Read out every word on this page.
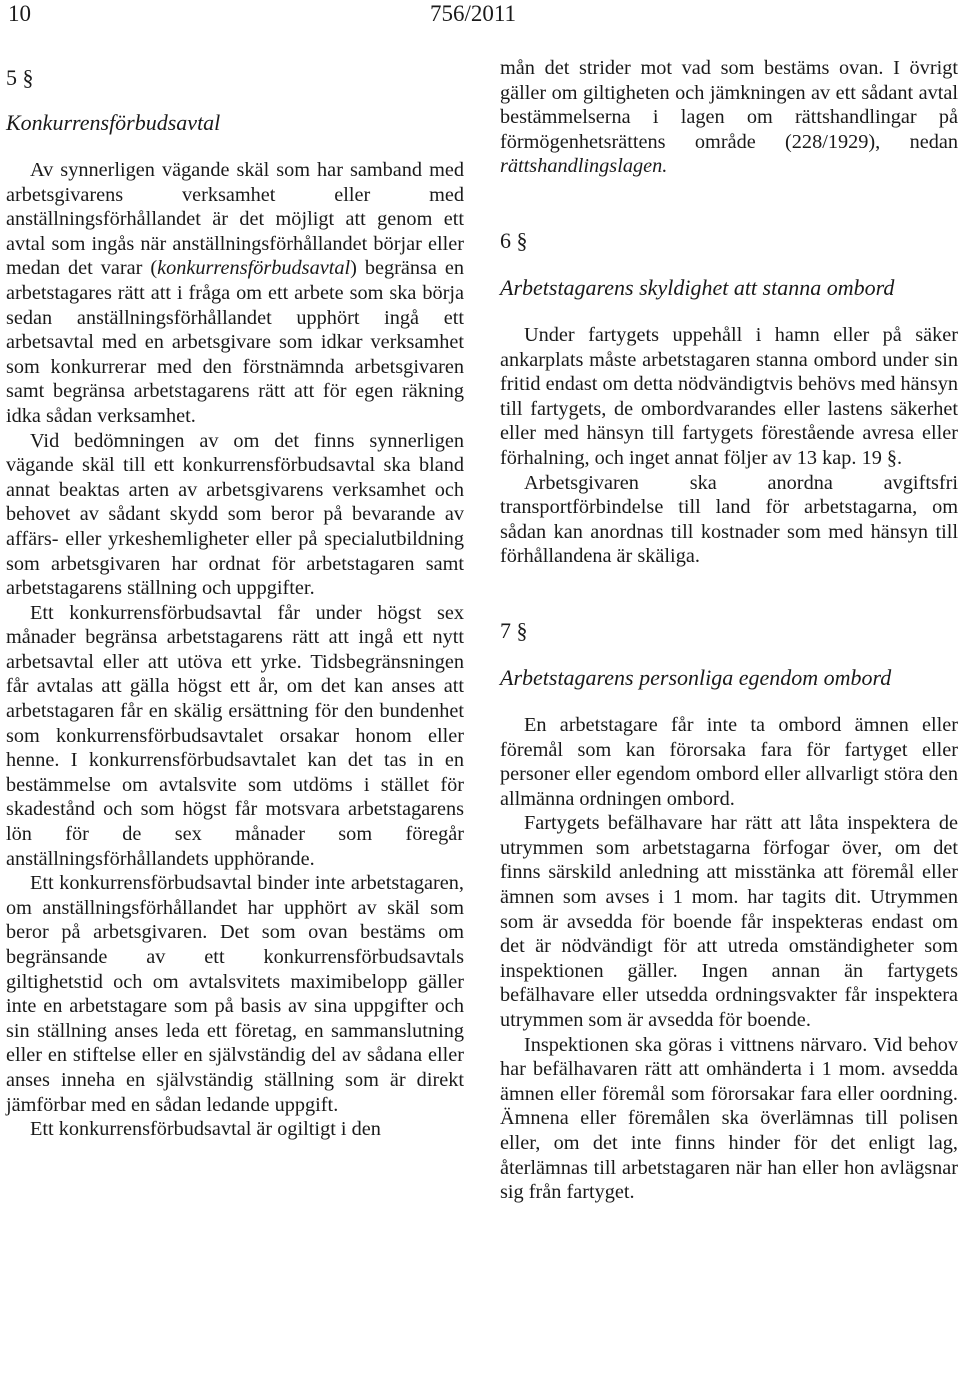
10	756/2011

5 §

Konkurrensförbudsavtal

Av synnerligen vägande skäl som har samband med arbetsgivarens verksamhet eller med anställningsförhållandet är det möjligt att genom ett avtal som ingås när anställningsförhållandet börjar eller medan det varar (konkurrensförbudsavtal) begränsa en arbetstagares rätt att i fråga om ett arbete som ska börja sedan anställningsförhållandet upphört ingå ett arbetsavtal med en arbetsgivare som idkar verksamhet som konkurrerar med den förstnämnda arbetsgivaren samt begränsa arbetstagarens rätt att för egen räkning idka sådan verksamhet.

Vid bedömningen av om det finns synnerligen vägande skäl till ett konkurrensförbudsavtal ska bland annat beaktas arten av arbetsgivarens verksamhet och behovet av sådant skydd som beror på bevarande av affärs- eller yrkeshemligheter eller på specialutbildning som arbetsgivaren har ordnat för arbetstagaren samt arbetstagarens ställning och uppgifter.

Ett konkurrensförbudsavtal får under högst sex månader begränsa arbetstagarens rätt att ingå ett nytt arbetsavtal eller att utöva ett yrke. Tidsbegränsningen får avtalas att gälla högst ett år, om det kan anses att arbetstagaren får en skälig ersättning för den bundenhet som konkurrensförbudsavtalet orsakar honom eller henne. I konkurrensförbudsavtalet kan det tas in en bestämmelse om avtalsvite som utdöms i stället för skadestånd och som högst får motsvara arbetstagarens lön för de sex månader som föregår anställningsförhållandets upphörande.

Ett konkurrensförbudsavtal binder inte arbetstagaren, om anställningsförhållandet har upphört av skäl som beror på arbetsgivaren. Det som ovan bestäms om begränsande av ett konkurrensförbudsavtals giltighetstid och om avtalsvitets maximibelopp gäller inte en arbetstagare som på basis av sina uppgifter och sin ställning anses leda ett företag, en sammanslutning eller en stiftelse eller en självständig del av sådana eller anses inneha en självständig ställning som är direkt jämförbar med en sådan ledande uppgift.

Ett konkurrensförbudsavtal är ogiltigt i den

mån det strider mot vad som bestäms ovan. I övrigt gäller om giltigheten och jämkningen av ett sådant avtal bestämmelserna i lagen om rättshandlingar på förmögenhetsrättens område (228/1929), nedan rättshandlingslagen.

6 §

Arbetstagarens skyldighet att stanna ombord

Under fartygets uppehåll i hamn eller på säker ankarplats måste arbetstagaren stanna ombord under sin fritid endast om detta nödvändigtvis behövs med hänsyn till fartygets, de ombordvarandes eller lastens säkerhet eller med hänsyn till fartygets förestående avresa eller förhalning, och inget annat följer av 13 kap. 19 §.

Arbetsgivaren ska anordna avgiftsfri transportförbindelse till land för arbetstagarna, om sådan kan anordnas till kostnader som med hänsyn till förhållandena är skäliga.

7 §

Arbetstagarens personliga egendom ombord

En arbetstagare får inte ta ombord ämnen eller föremål som kan förorsaka fara för fartyget eller personer eller egendom ombord eller allvarligt störa den allmänna ordningen ombord.

Fartygets befälhavare har rätt att låta inspektera de utrymmen som arbetstagarna förfogar över, om det finns särskild anledning att misstänka att föremål eller ämnen som avses i 1 mom. har tagits dit. Utrymmen som är avsedda för boende får inspekteras endast om det är nödvändigt för att utreda omständigheter som inspektionen gäller. Ingen annan än fartygets befälhavare eller utsedda ordningsvakter får inspektera utrymmen som är avsedda för boende.

Inspektionen ska göras i vittnens närvaro. Vid behov har befälhavaren rätt att omhänderta i 1 mom. avsedda ämnen eller föremål som förorsakar fara eller oordning. Ämnena eller föremålen ska överlämnas till polisen eller, om det inte finns hinder för det enligt lag, återlämnas till arbetstagaren när han eller hon avlägsnar sig från fartyget.
